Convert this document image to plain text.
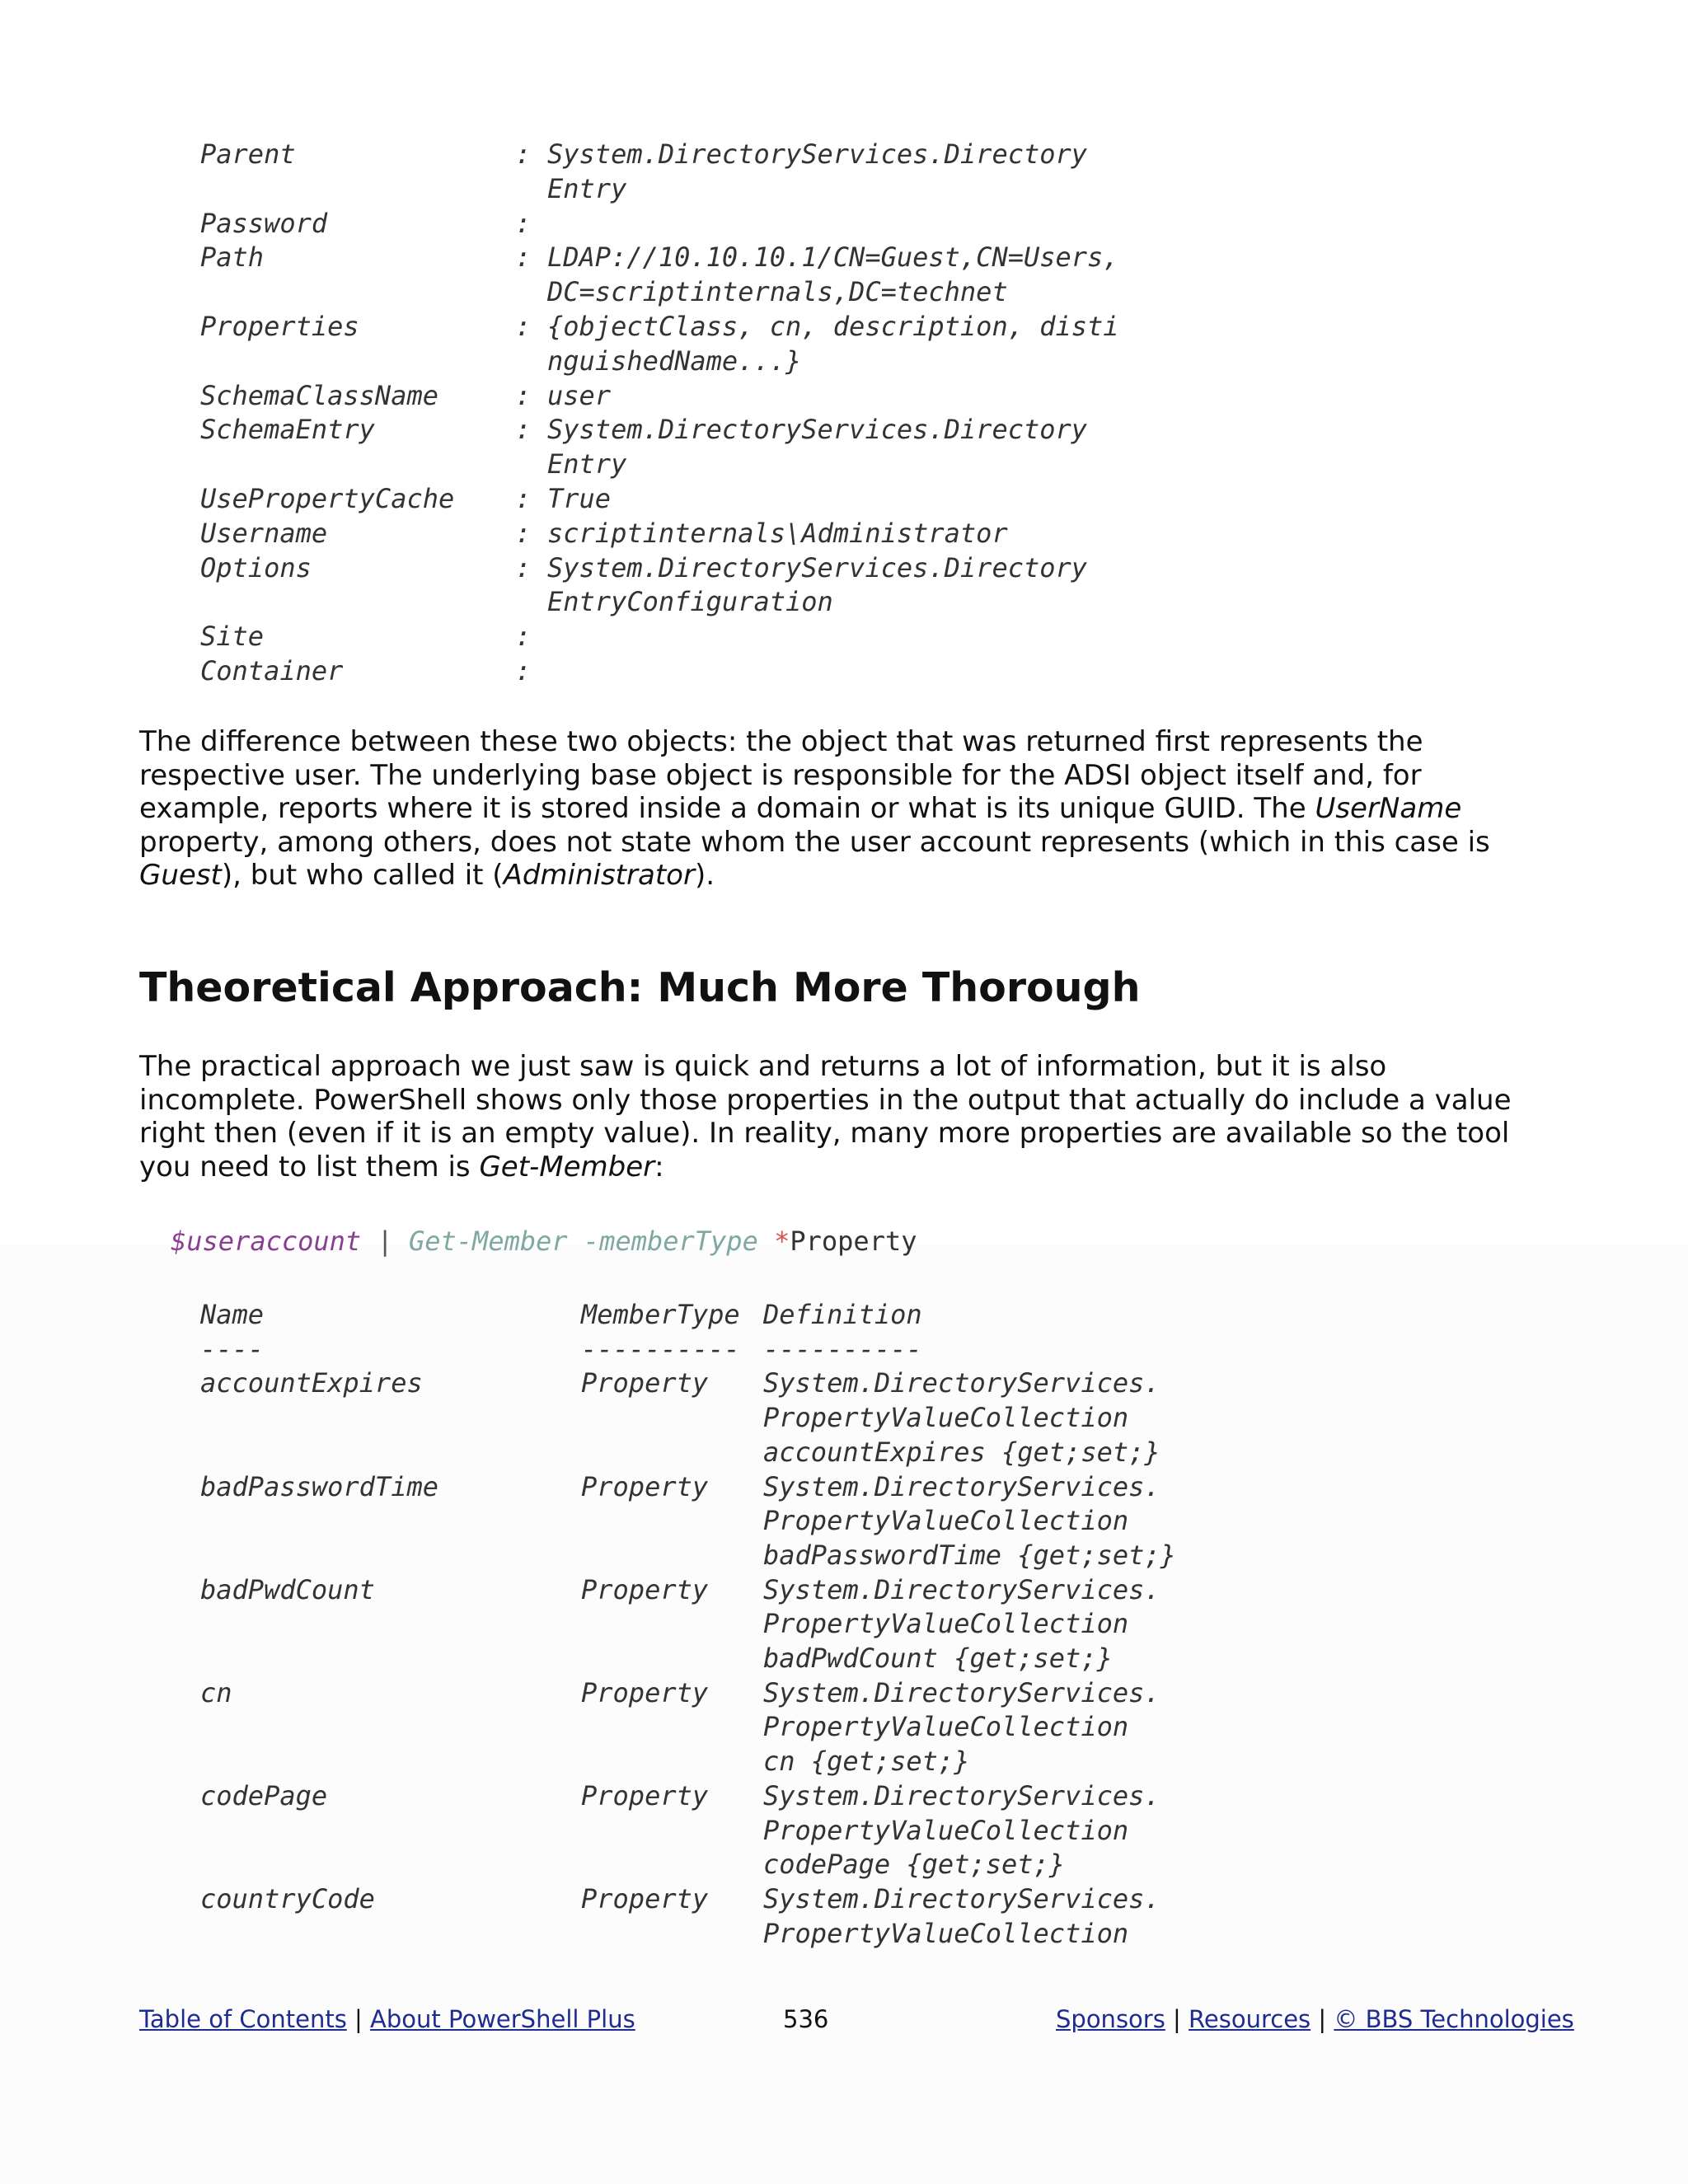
Parent	: System.DirectoryServices.Directory
Entry
Password	:
Path	: LDAP://10.10.10.1/CN=Guest,CN=Users,
DC=scriptinternals,DC=technet
Properties	: {objectClass, cn, description, disti
nguishedName...}
SchemaClassName	: user
SchemaEntry	: System.DirectoryServices.Directory
Entry
UsePropertyCache : True
Username	: scriptinternals\Administrator
Options	: System.DirectoryServices.Directory
EntryConfiguration
Site	:
Container	:

The difference between these two objects: the object that was returned first represents the respective user. The underlying base object is responsible for the ADSI object itself and, for example, reports where it is stored inside a domain or what is its unique GUID. The UserName property, among others, does not state whom the user account represents (which in this case is Guest), but who called it (Administrator).

Theoretical Approach: Much More Thorough

The practical approach we just saw is quick and returns a lot of information, but it is also incomplete. PowerShell shows only those properties in the output that actually do include a value right then (even if it is an empty value). In reality, many more properties are available so the tool you need to list them is Get-Member:

$useraccount | Get-Member -memberType *Property
Name	MemberType Definition
----	---------- ----------
accountExpires	Property System.DirectoryServices.
PropertyValueCollection
accountExpires {get;set;}
badPasswordTime	Property System.DirectoryServices.
PropertyValueCollection
badPasswordTime {get;set;}
badPwdCount	Property System.DirectoryServices.
PropertyValueCollection
badPwdCount {get;set;}
cn	Property System.DirectoryServices.
PropertyValueCollection
cn {get;set;}
codePage	Property System.DirectoryServices.
PropertyValueCollection
codePage {get;set;}
countryCode	Property System.DirectoryServices.
PropertyValueCollection
Table of Contents | About PowerShell Plus	536	Sponsors | Resources | © BBS Technologies
